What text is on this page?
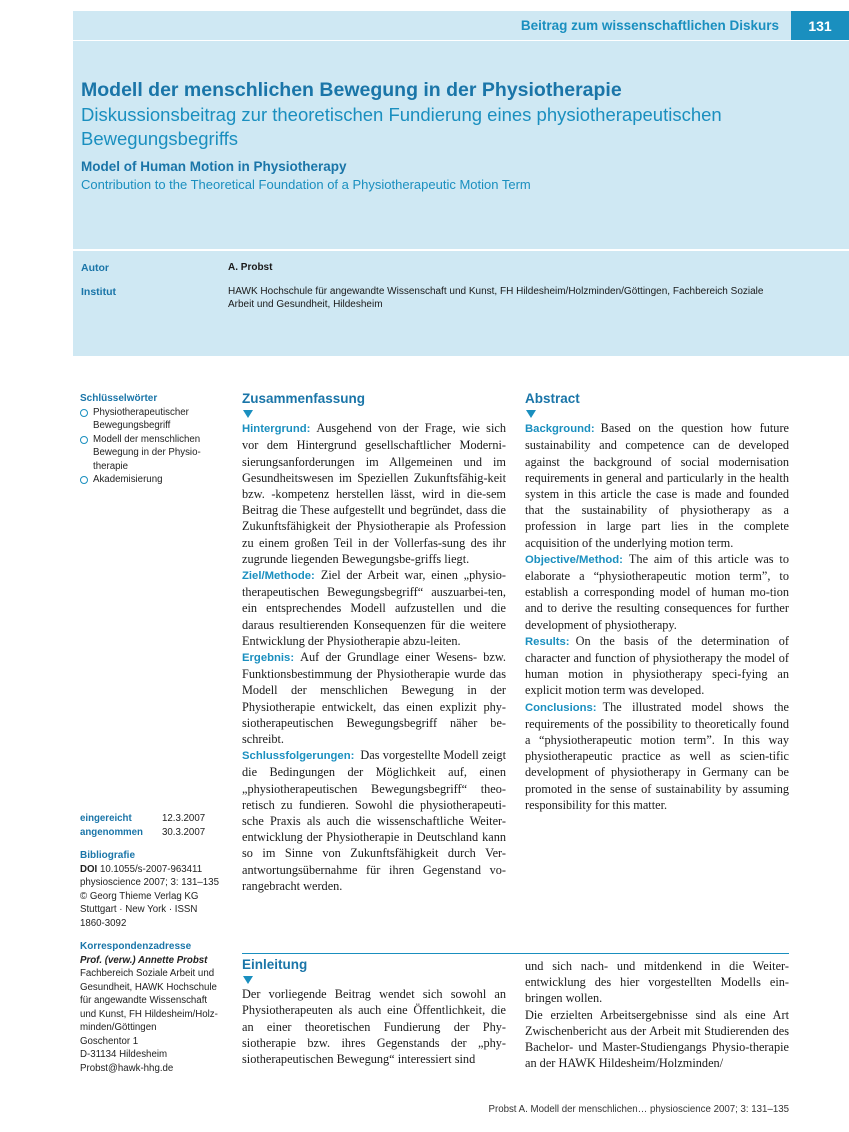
Beitrag zum wissenschaftlichen Diskurs	131
Modell der menschlichen Bewegung in der Physiotherapie
Diskussionsbeitrag zur theoretischen Fundierung eines physiotherapeutischen Bewegungsbegriffs
Model of Human Motion in Physiotherapy
Contribution to the Theoretical Foundation of a Physiotherapeutic Motion Term
Autor	A. Probst
Institut	HAWK Hochschule für angewandte Wissenschaft und Kunst, FH Hildesheim/Holzminden/Göttingen, Fachbereich Soziale Arbeit und Gesundheit, Hildesheim
Schlüsselwörter
Physiotherapeutischer Bewegungsbegriff
Modell der menschlichen Bewegung in der Physio-therapie
Akademisierung
eingereicht	12.3.2007
angenommen	30.3.2007
Bibliografie
DOI 10.1055/s-2007-963411
physioscience 2007; 3: 131–135 © Georg Thieme Verlag KG Stuttgart · New York · ISSN 1860-3092
Korrespondenzadresse
Prof. (verw.) Annette Probst
Fachbereich Soziale Arbeit und
Gesundheit, HAWK Hochschule
für angewandte Wissenschaft
und Kunst, FH Hildesheim/Holz-
minden/Göttingen
Goschentor 1
D-31134 Hildesheim
Probst@hawk-hhg.de
Zusammenfassung

Hintergrund: Ausgehend von der Frage, wie sich vor dem Hintergrund gesellschaftlicher Moderni-sierungsanforderungen im Allgemeinen und im Gesundheitswesen im Speziellen Zukunftsfähig-keit bzw. -kompetenz herstellen lässt, wird in die-sem Beitrag die These aufgestellt und begründet, dass die Zukunftsfähigkeit der Physiotherapie als Profession zu einem großen Teil in der Vollerfas-sung des ihr zugrunde liegenden Bewegungsbe-griffs liegt.

Ziel/Methode: Ziel der Arbeit war, einen „physio-therapeutischen Bewegungsbegriff“ auszuarbei-ten, ein entsprechendes Modell aufzustellen und die daraus resultierenden Konsequenzen für die weitere Entwicklung der Physiotherapie abzu-leiten.

Ergebnis: Auf der Grundlage einer Wesens- bzw. Funktionsbestimmung der Physiotherapie wurde das Modell der menschlichen Bewegung in der Physiotherapie entwickelt, das einen explizit phy-siotherapeutischen Bewegungsbegriff näher be-schreibt.

Schlussfolgerungen: Das vorgestellte Modell zeigt die Bedingungen der Möglichkeit auf, einen „physiotherapeutischen Bewegungsbegriff“ theo-retisch zu fundieren. Sowohl die physiotherapeuti-sche Praxis als auch die wissenschaftliche Weiter-entwicklung der Physiotherapie in Deutschland kann so im Sinne von Zukunftsfähigkeit durch Ver-antwortungsübernahme für ihren Gegenstand vo-rangebracht werden.

Abstract

Background: Based on the question how future sustainability and competence can de developed against the background of social modernisation requirements in general and particularly in the health system in this article the case is made and founded that the sustainability of physiotherapy as a profession in large part lies in the complete acquisition of the underlying motion term.

Objective/Method: The aim of this article was to elaborate a “physiotherapeutic motion term”, to establish a corresponding model of human mo-tion and to derive the resulting consequences for further development of physiotherapy.

Results: On the basis of the determination of character and function of physiotherapy the model of human motion in physiotherapy speci-fying an explicit motion term was developed.

Conclusions: The illustrated model shows the requirements of the possibility to theoretically found a “physiotherapeutic motion term”. In this way physiotherapeutic practice as well as scien-tific development of physiotherapy in Germany can be promoted in the sense of sustainability by assuming responsibility for this matter.

Einleitung

Der vorliegende Beitrag wendet sich sowohl an Physiotherapeuten als auch eine Öffentlichkeit, die an einer theoretischen Fundierung der Phy-siotherapie bzw. ihres Gegenstands der „phy-siotherapeutischen Bewegung“ interessiert sind

und sich nach- und mitdenkend in die Weiter-entwicklung des hier vorgestellten Modells ein-bringen wollen.

Die erzielten Arbeitsergebnisse sind als eine Art Zwischenbericht aus der Arbeit mit Studierenden des Bachelor- und Master-Studiengangs Physio-therapie an der HAWK Hildesheim/Holzminden/

Probst A. Modell der menschlichen… physioscience 2007; 3: 131–135
